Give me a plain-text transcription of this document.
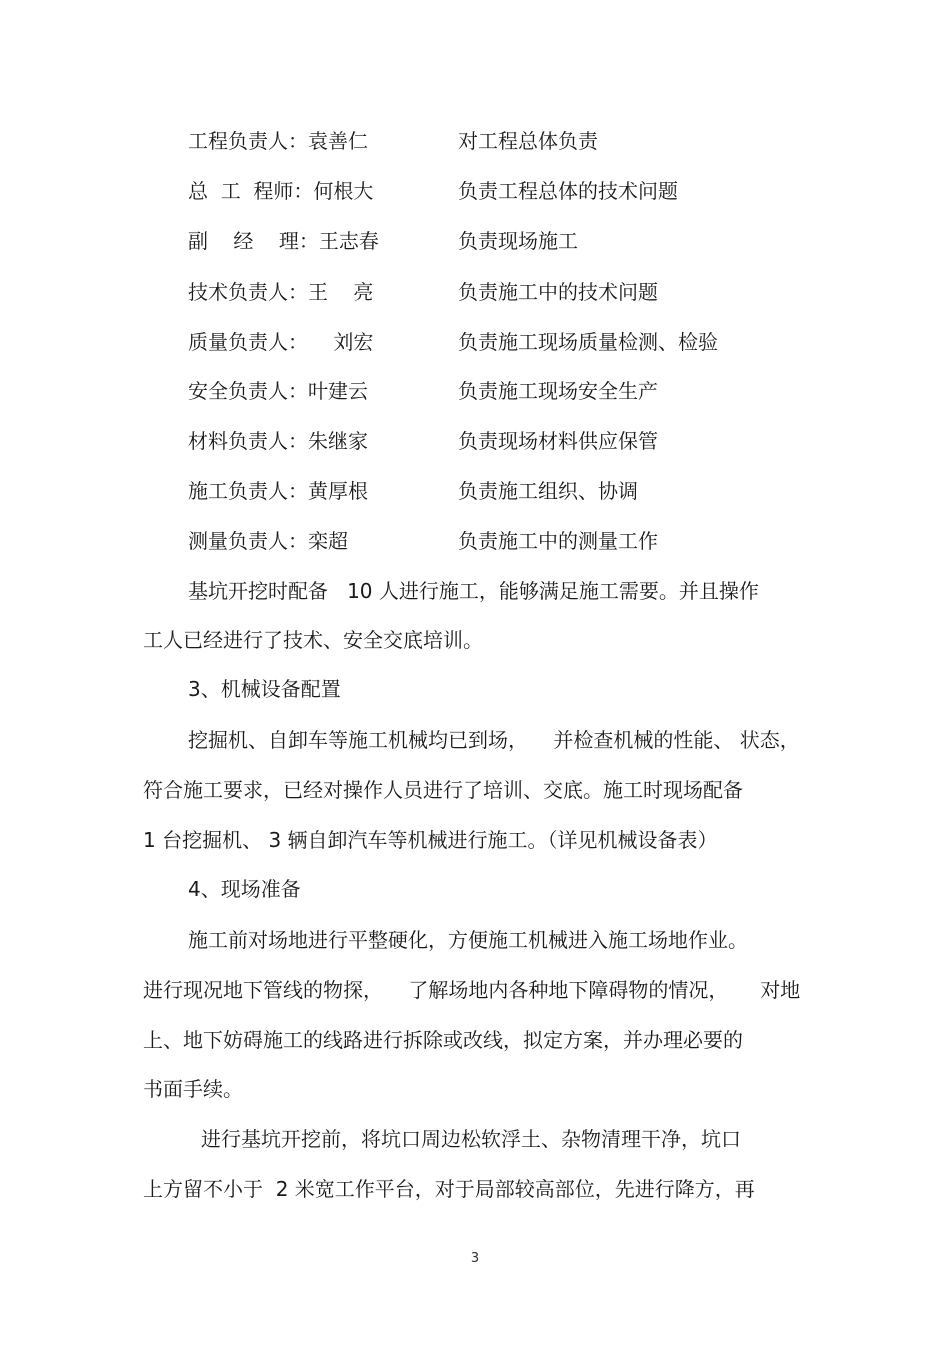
工程负责人：袁善仁	对工程总体负责
总  工  程师：何根大	负责工程总体的技术问题
副    经    理：王志春	负责现场施工
技术负责人：王    亮	负责施工中的技术问题
质量负责人：    刘宏	负责施工现场质量检测、检验
安全负责人：叶建云	负责施工现场安全生产
材料负责人：朱继家	负责现场材料供应保管
施工负责人：黄厚根	负责施工组织、协调
测量负责人：栾超	负责施工中的测量工作
基坑开挖时配备   10 人进行施工，能够满足施工需要。并且操作
工人已经进行了技术、安全交底培训。
3、机械设备配置
挖掘机、自卸车等施工机械均已到场，    并检查机械的性能、 状态，
符合施工要求，已经对操作人员进行了培训、交底。施工时现场配备
1 台挖掘机、 3 辆自卸汽车等机械进行施工。（详见机械设备表）
4、现场准备
施工前对场地进行平整硬化，方便施工机械进入施工场地作业。
进行现况地下管线的物探，    了解场地内各种地下障碍物的情况，     对地
上、地下妨碍施工的线路进行拆除或改线，拟定方案，并办理必要的
书面手续。
进行基坑开挖前，将坑口周边松软浮土、杂物清理干净，坑口
上方留不小于  2 米宽工作平台，对于局部较高部位，先进行降方，再
3
